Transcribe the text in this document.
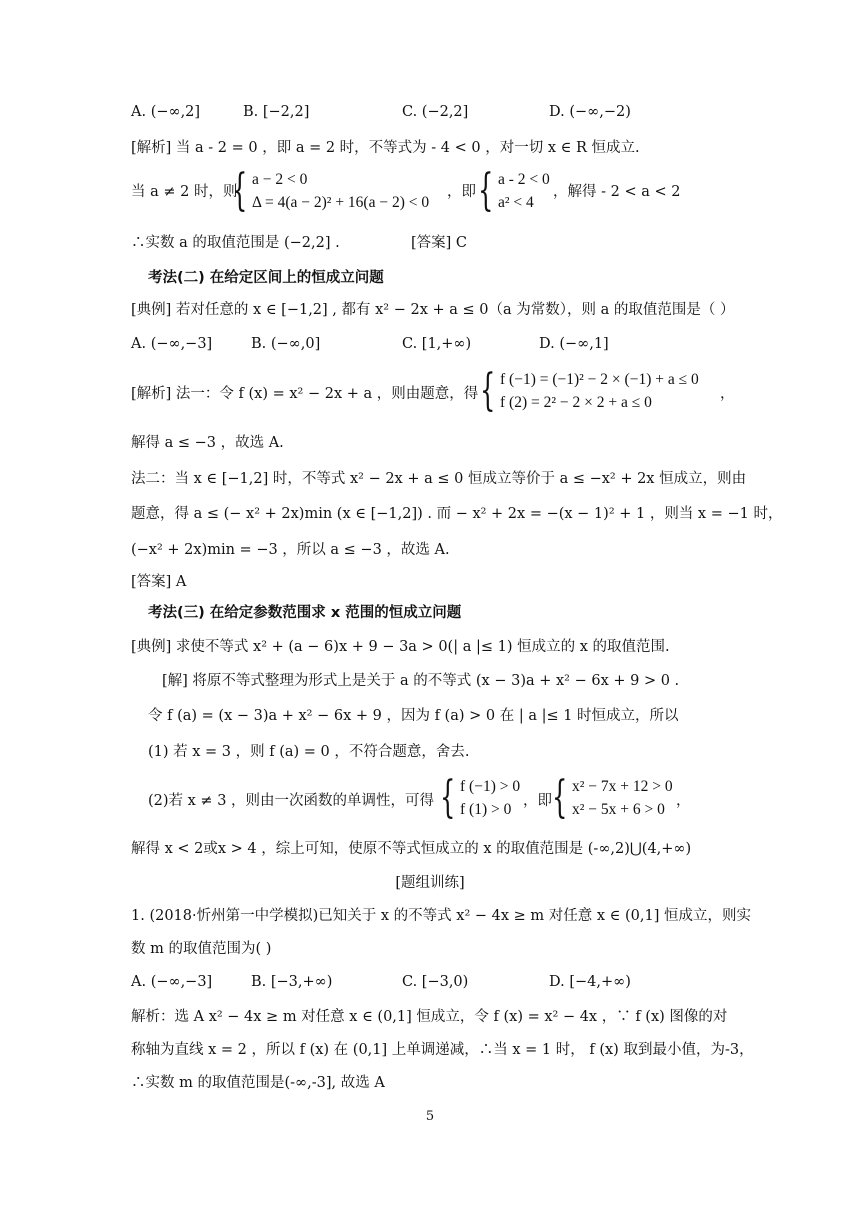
A. (−∞,2]	B. [−2,2]	C. (−2,2]	D. (−∞,−2)
[解析] 当 a - 2 = 0 ，即 a = 2 时，不等式为 - 4 < 0 ，对一切 x ∈ R 恒成立.
当 a ≠ 2 时，则
{ a − 2 < 0
Δ = 4(a − 2)² + 16(a − 2) < 0
，即 { a - 2 < 0
a² < 4
，解得 - 2 < a < 2
∴实数 a 的取值范围是 (−2,2] .	[答案] C
考法(二) 在给定区间上的恒成立问题
[典例] 若对任意的 x ∈ [−1,2] , 都有 x² − 2x + a ≤ 0（a 为常数），则 a 的取值范围是（ ）
A. (−∞,−3]	B. (−∞,0]	C. [1,+∞)	D. (−∞,1]
[解析] 法一：令 f (x) = x² − 2x + a ，则由题意，得 { f (−1) = (−1)² − 2 × (−1) + a ≤ 0
f (2) = 2² − 2 × 2 + a ≤ 0	，
解得 a ≤ −3 ，故选 A.
法二：当 x ∈ [−1,2] 时，不等式 x² − 2x + a ≤ 0 恒成立等价于 a ≤ −x² + 2x 恒成立，则由
题意，得 a ≤ (− x² + 2x)min (x ∈ [−1,2]) . 而 − x² + 2x = −(x − 1)² + 1 ，则当 x = −1 时，
(−x² + 2x)min = −3 ，所以 a ≤ −3 ，故选 A.
[答案] A
考法(三) 在给定参数范围求 x 范围的恒成立问题
[典例] 求使不等式 x² + (a − 6)x + 9 − 3a > 0(| a |≤ 1) 恒成立的 x 的取值范围.
[解] 将原不等式整理为形式上是关于 a 的不等式 (x − 3)a + x² − 6x + 9 > 0 .
令 f (a) = (x − 3)a + x² − 6x + 9 ，因为 f (a) > 0 在 | a |≤ 1 时恒成立，所以
(1) 若 x = 3 ，则 f (a) = 0 ，不符合题意，舍去.
(2)若 x ≠ 3 ，则由一次函数的单调性，可得 { f (−1) > 0
f (1) > 0 ，即 { x² − 7x + 12 > 0
x² − 5x + 6 > 0 ，
解得 x < 2或x > 4 ，综上可知，使原不等式恒成立的 x 的取值范围是 (-∞,2)⋃(4,+∞)
[题组训练]
1. (2018·忻州第一中学模拟)已知关于 x 的不等式 x² − 4x ≥ m 对任意 x ∈ (0,1] 恒成立，则实
数 m 的取值范围为( )
A. (−∞,−3]	B. [−3,+∞)	C. [−3,0)	D. [−4,+∞)
解析：选 A x² − 4x ≥ m 对任意 x ∈ (0,1] 恒成立，令 f (x) = x² − 4x ，∵ f (x) 图像的对
称轴为直线 x = 2 ，所以 f (x) 在 (0,1] 上单调递减，∴当 x = 1 时， f (x) 取到最小值，为-3，
∴实数 m 的取值范围是(-∞,-3], 故选 A
5
